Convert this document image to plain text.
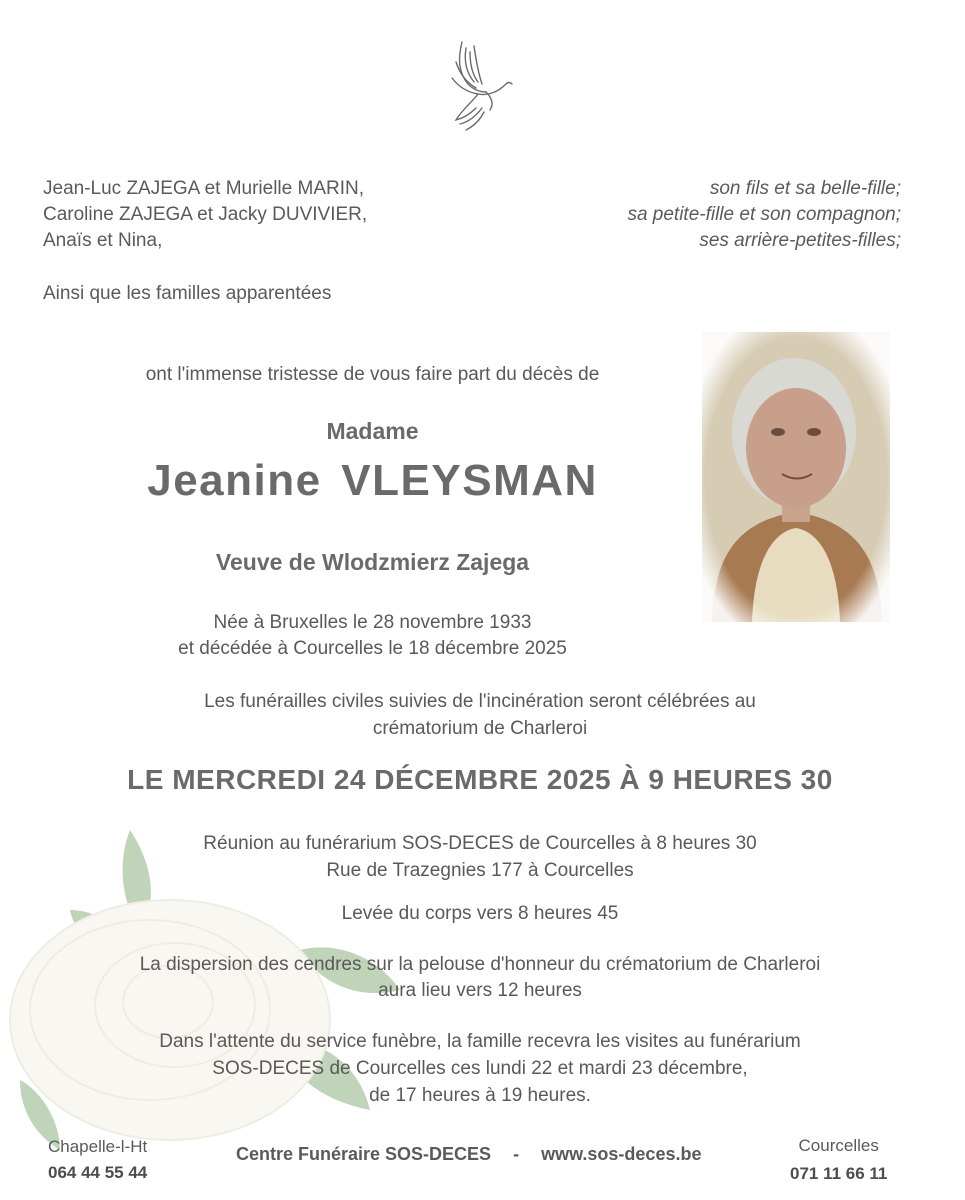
Jean-Luc ZAJEGA et Murielle MARIN,
Caroline ZAJEGA et Jacky DUVIVIER,
Anaïs et Nina,
son fils et sa belle-fille;
sa petite-fille et son compagnon;
ses arrière-petites-filles;
Ainsi que les familles apparentées
ont l'immense tristesse de vous faire part du décès de
Madame
Jeanine VLEYSMAN
Veuve de Wlodzmierz Zajega
Née à Bruxelles le 28 novembre 1933
et décédée à Courcelles le 18 décembre 2025
Les funérailles civiles suivies de l'incinération seront célébrées au
crématorium de Charleroi
LE MERCREDI 24 DÉCEMBRE 2025 À 9 HEURES 30
Réunion au funérarium SOS-DECES de Courcelles à 8 heures 30
Rue de Trazegnies 177 à Courcelles
Levée du corps vers 8 heures 45
La dispersion des cendres sur la pelouse d'honneur du crématorium de Charleroi
aura lieu vers 12 heures
Dans l'attente du service funèbre, la famille recevra les visites au funérarium
SOS-DECES de Courcelles ces lundi 22 et mardi 23 décembre,
de 17 heures à 19 heures.
Chapelle-l-Ht
064 44 55 44
Centre Funéraire SOS-DECES - www.sos-deces.be	Courcelles
071 11 66 11
